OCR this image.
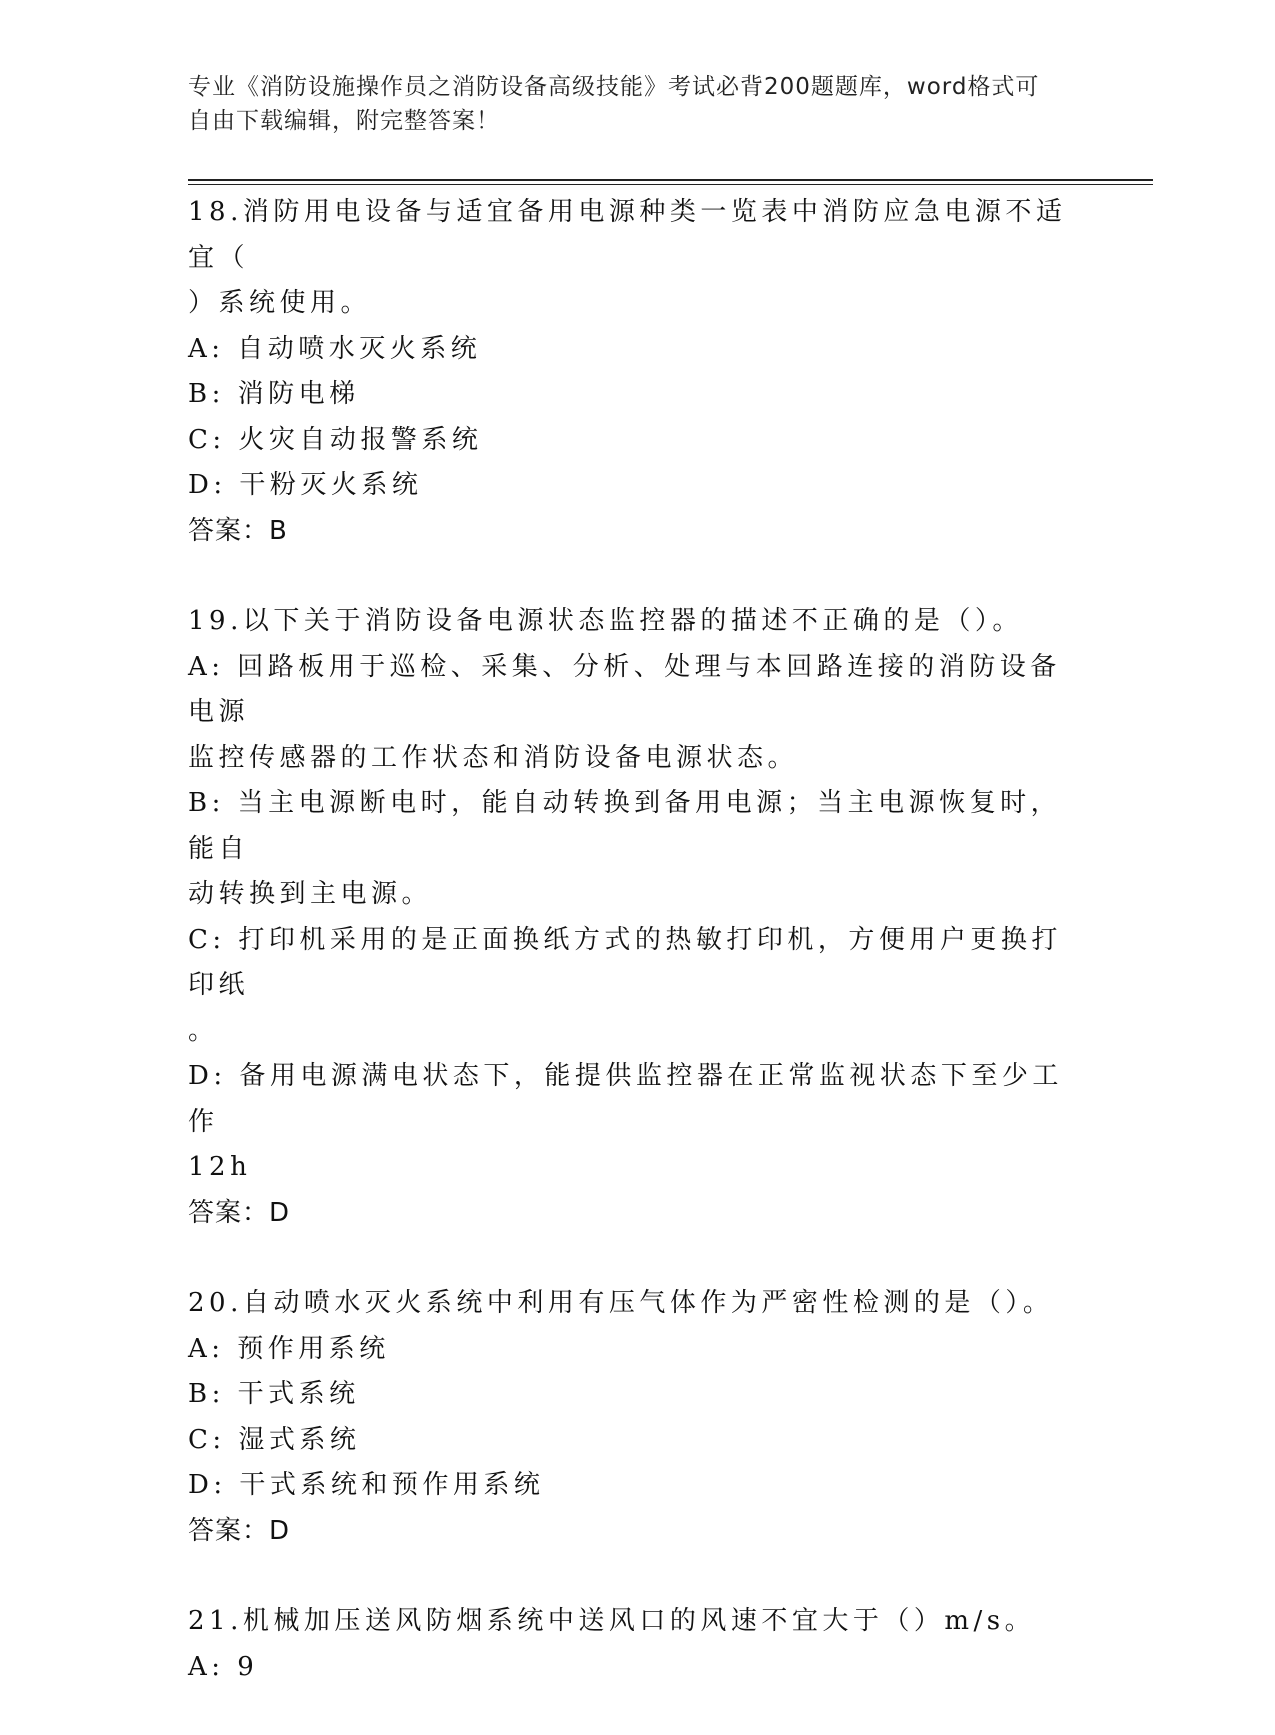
专业《消防设施操作员之消防设备高级技能》考试必背200题题库，word格式可
自由下载编辑，附完整答案！
18.消防用电设备与适宜备用电源种类一览表中消防应急电源不适宜（
）系统使用。
A: 自动喷水灭火系统
B: 消防电梯
C: 火灾自动报警系统
D: 干粉灭火系统
答案：B
19.以下关于消防设备电源状态监控器的描述不正确的是（）。
A: 回路板用于巡检、采集、分析、处理与本回路连接的消防设备电源
监控传感器的工作状态和消防设备电源状态。
B: 当主电源断电时，能自动转换到备用电源；当主电源恢复时，能自
动转换到主电源。
C: 打印机采用的是正面换纸方式的热敏打印机，方便用户更换打印纸
。
D: 备用电源满电状态下，能提供监控器在正常监视状态下至少工作
12h
答案：D
20.自动喷水灭火系统中利用有压气体作为严密性检测的是（）。
A: 预作用系统
B: 干式系统
C: 湿式系统
D: 干式系统和预作用系统
答案：D
21.机械加压送风防烟系统中送风口的风速不宜大于（）m/s。
A: 9
